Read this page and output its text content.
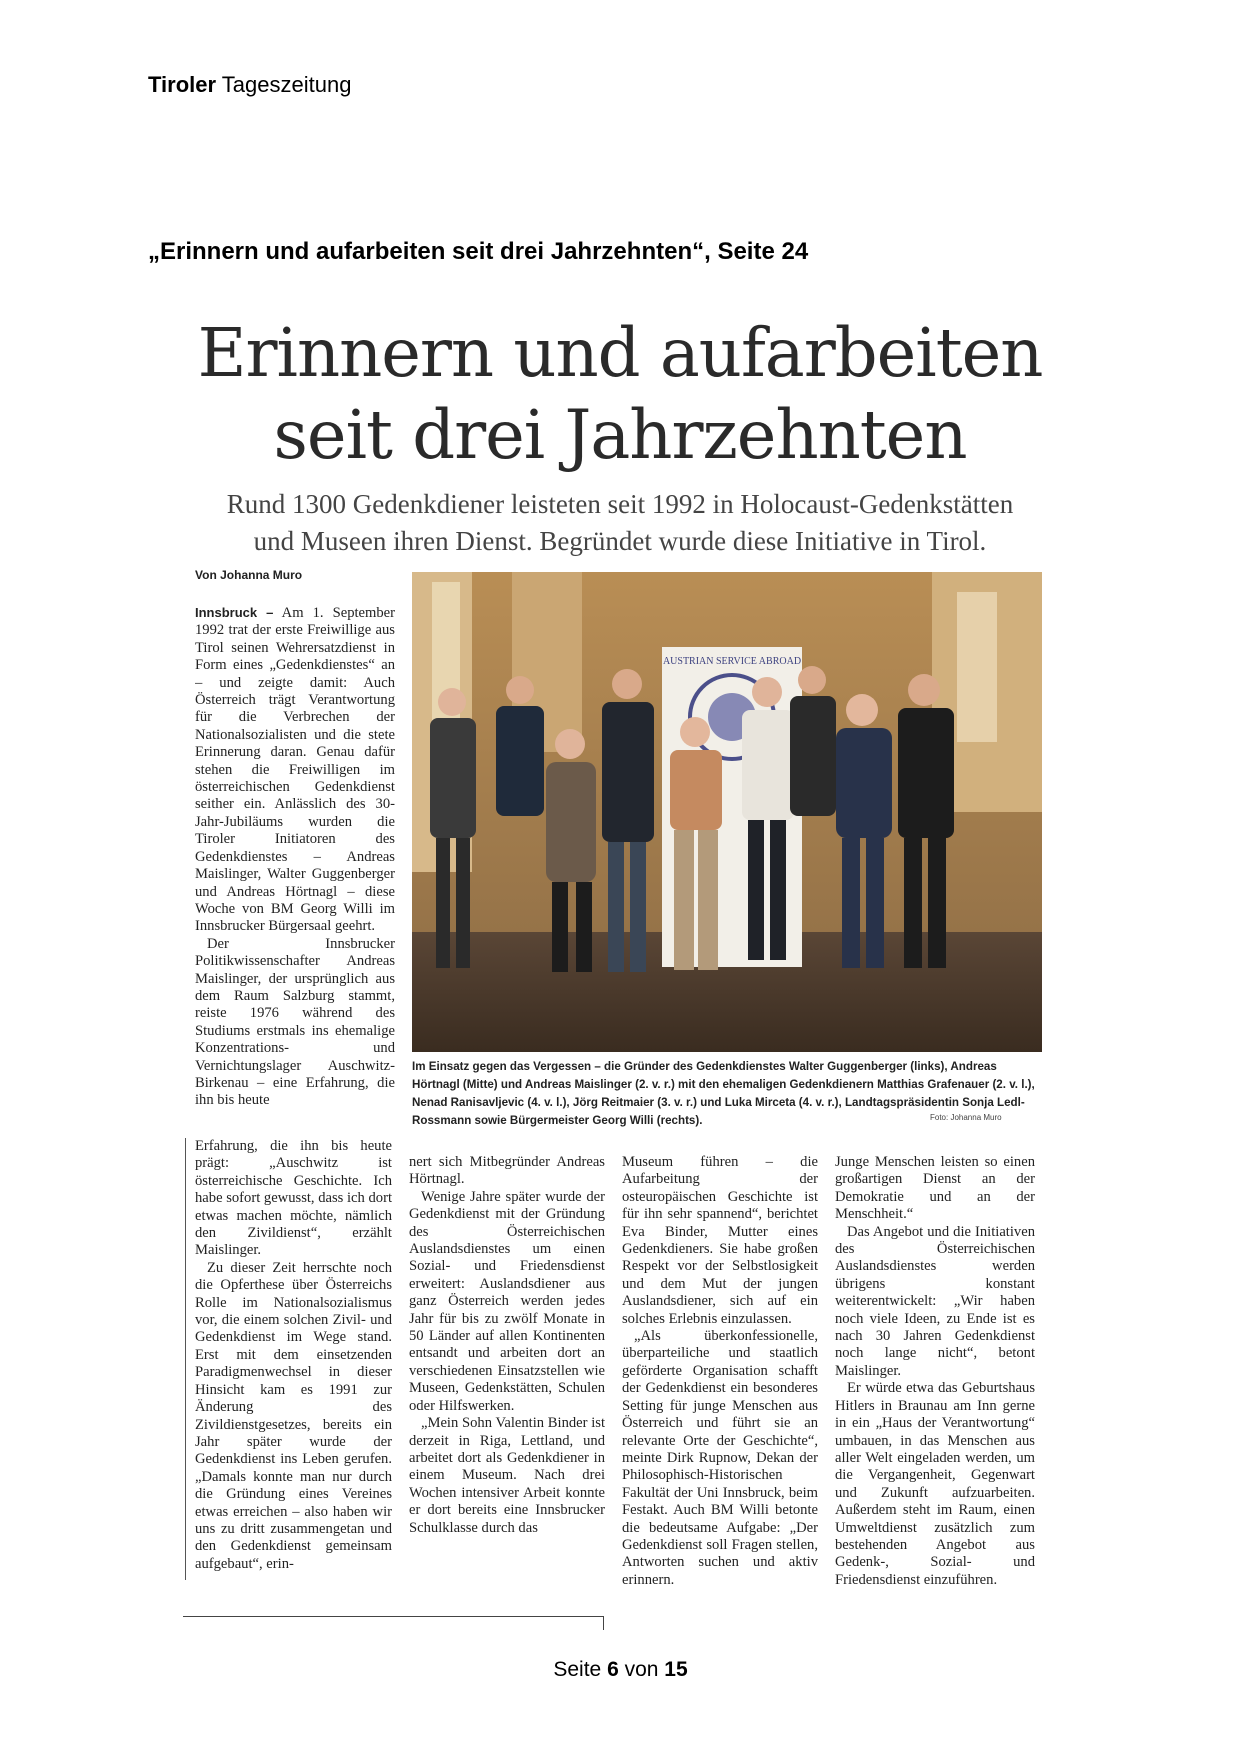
Tiroler Tageszeitung
„Erinnern und aufarbeiten seit drei Jahrzehnten“, Seite 24
Erinnern und aufarbeiten
seit drei Jahrzehnten
Rund 1300 Gedenkdiener leisteten seit 1992 in Holocaust-Gedenkstätten
und Museen ihren Dienst. Begründet wurde diese Initiative in Tirol.
Von Johanna Muro

Innsbruck – Am 1. September 1992 trat der erste Freiwillige aus Tirol seinen Wehrersatzdienst in Form eines „Gedenkdienstes“ an – und zeigte damit: Auch Österreich trägt Verantwortung für die Verbrechen der Nationalsozialisten und die stete Erinnerung daran. Genau dafür stehen die Freiwilligen im österreichischen Gedenkdienst seither ein. Anlässlich des 30-Jahr-Jubiläums wurden die Tiroler Initiatoren des Gedenkdienstes – Andreas Maislinger, Walter Guggenberger und Andreas Hörtnagl – diese Woche von BM Georg Willi im Innsbrucker Bürgersaal geehrt.

Der Innsbrucker Politikwissenschafter Andreas Maislinger, der ursprünglich aus dem Raum Salzburg stammt, reiste 1976 während des Studiums erstmals ins ehemalige Konzentrations- und Vernichtungslager Auschwitz-Birkenau – eine Erfahrung, die ihn bis heute

AUSTRIAN SERVICE ABROAD
Im Einsatz gegen das Vergessen – die Gründer des Gedenkdienstes Walter Guggenberger (links), Andreas Hörtnagl (Mitte) und Andreas Maislinger (2. v. r.) mit den ehemaligen Gedenkdienern Matthias Grafenauer (2. v. l.), Nenad Ranisavljevic (4. v. l.), Jörg Reitmaier (3. v. r.) und Luka Mirceta (4. v. r.), Landtagspräsidentin Sonja Ledl-Rossmann sowie Bürgermeister Georg Willi (rechts).	Foto: Johanna Muro

Erfahrung, die ihn bis heute prägt: „Auschwitz ist österreichische Geschichte. Ich habe sofort gewusst, dass ich dort etwas machen möchte, nämlich den Zivildienst“, erzählt Maislinger.

Zu dieser Zeit herrschte noch die Opferthese über Österreichs Rolle im Nationalsozialismus vor, die einem solchen Zivil- und Gedenkdienst im Wege stand. Erst mit dem einsetzenden Paradigmenwechsel in dieser Hinsicht kam es 1991 zur Änderung des Zivildienstgesetzes, bereits ein Jahr später wurde der Gedenkdienst ins Leben gerufen. „Damals konnte man nur durch die Gründung eines Vereines etwas erreichen – also haben wir uns zu dritt zusammengetan und den Gedenkdienst gemeinsam aufgebaut“, erin-

nert sich Mitbegründer Andreas Hörtnagl.

Wenige Jahre später wurde der Gedenkdienst mit der Gründung des Österreichischen Auslandsdienstes um einen Sozial- und Friedensdienst erweitert: Auslandsdiener aus ganz Österreich werden jedes Jahr für bis zu zwölf Monate in 50 Länder auf allen Kontinenten entsandt und arbeiten dort an verschiedenen Einsatzstellen wie Museen, Gedenkstätten, Schulen oder Hilfswerken.

„Mein Sohn Valentin Binder ist derzeit in Riga, Lettland, und arbeitet dort als Gedenkdiener in einem Museum. Nach drei Wochen intensiver Arbeit konnte er dort bereits eine Innsbrucker Schulklasse durch das

Museum führen – die Aufarbeitung der osteuropäischen Geschichte ist für ihn sehr spannend“, berichtet Eva Binder, Mutter eines Gedenkdieners. Sie habe großen Respekt vor der Selbstlosigkeit und dem Mut der jungen Auslandsdiener, sich auf ein solches Erlebnis einzulassen.

„Als überkonfessionelle, überparteiliche und staatlich geförderte Organisation schafft der Gedenkdienst ein besonderes Setting für junge Menschen aus Österreich und führt sie an relevante Orte der Geschichte“, meinte Dirk Rupnow, Dekan der Philosophisch-Historischen Fakultät der Uni Innsbruck, beim Festakt. Auch BM Willi betonte die bedeutsame Aufgabe: „Der Gedenkdienst soll Fragen stellen, Antworten suchen und aktiv erinnern.

Junge Menschen leisten so einen großartigen Dienst an der Demokratie und an der Menschheit.“

Das Angebot und die Initiativen des Österreichischen Auslandsdienstes werden übrigens konstant weiterentwickelt: „Wir haben noch viele Ideen, zu Ende ist es nach 30 Jahren Gedenkdienst noch lange nicht“, betont Maislinger.

Er würde etwa das Geburtshaus Hitlers in Braunau am Inn gerne in ein „Haus der Verantwortung“ umbauen, in das Menschen aus aller Welt eingeladen werden, um die Vergangenheit, Gegenwart und Zukunft aufzuarbeiten. Außerdem steht im Raum, einen Umweltdienst zusätzlich zum bestehenden Angebot aus Gedenk-, Sozial- und Friedensdienst einzuführen.

Seite 6 von 15
